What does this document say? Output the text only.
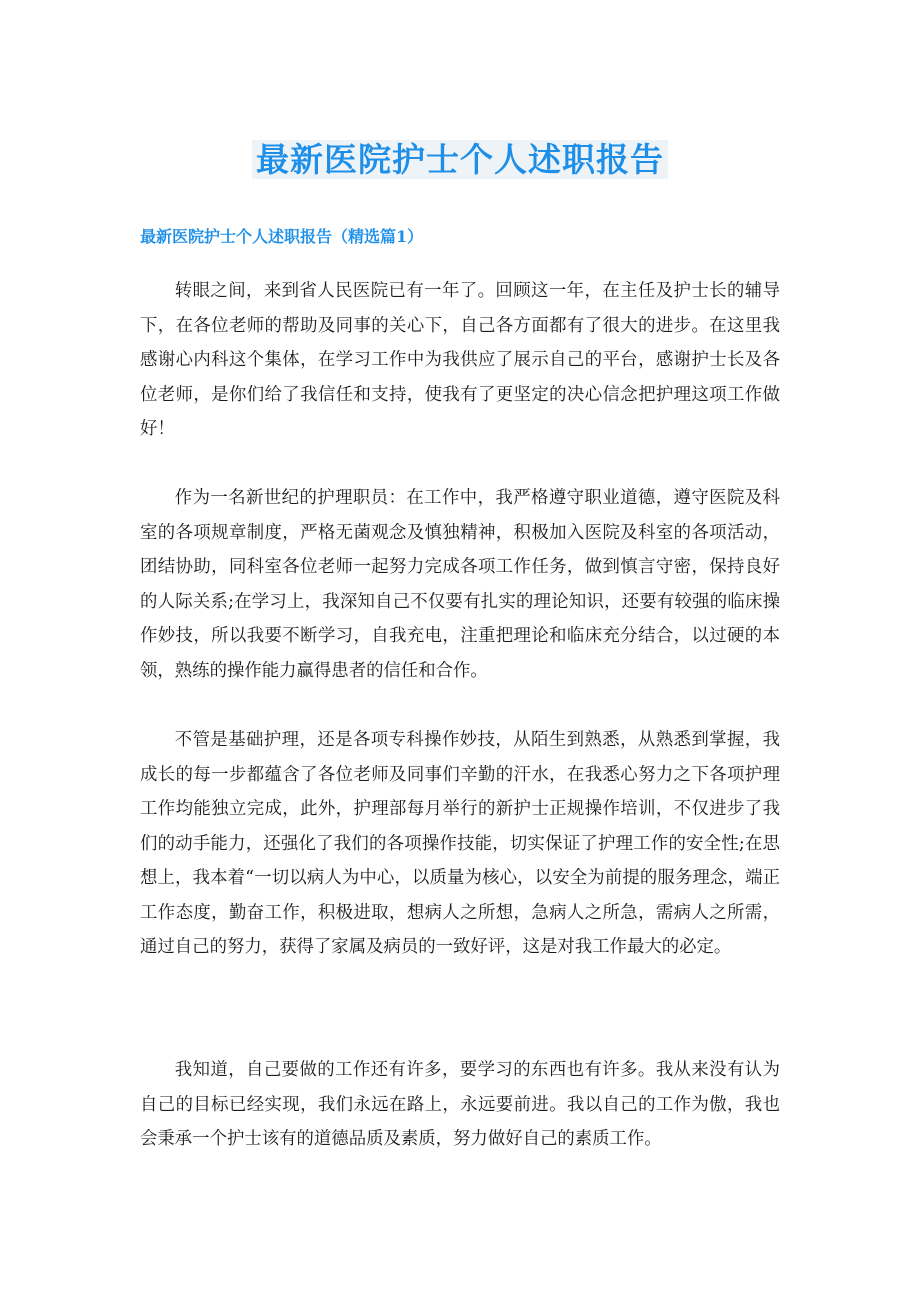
最新医院护士个人述职报告
最新医院护士个人述职报告（精选篇1）

转眼之间，来到省人民医院已有一年了。回顾这一年，在主任及护士长的辅导下，在各位老师的帮助及同事的关心下，自己各方面都有了很大的进步。在这里我感谢心内科这个集体，在学习工作中为我供应了展示自己的平台，感谢护士长及各位老师，是你们给了我信任和支持，使我有了更坚定的决心信念把护理这项工作做好！

作为一名新世纪的护理职员：在工作中，我严格遵守职业道德，遵守医院及科室的各项规章制度，严格无菌观念及慎独精神，积极加入医院及科室的各项活动，团结协助，同科室各位老师一起努力完成各项工作任务，做到慎言守密，保持良好的人际关系;在学习上，我深知自己不仅要有扎实的理论知识，还要有较强的临床操作妙技，所以我要不断学习，自我充电，注重把理论和临床充分结合，以过硬的本领，熟练的操作能力赢得患者的信任和合作。

不管是基础护理，还是各项专科操作妙技，从陌生到熟悉，从熟悉到掌握，我成长的每一步都蕴含了各位老师及同事们辛勤的汗水，在我悉心努力之下各项护理工作均能独立完成，此外，护理部每月举行的新护士正规操作培训，不仅进步了我们的动手能力，还强化了我们的各项操作技能，切实保证了护理工作的安全性;在思想上，我本着“一切以病人为中心，以质量为核心，以安全为前提的服务理念，端正工作态度，勤奋工作，积极进取，想病人之所想，急病人之所急，需病人之所需，通过自己的努力，获得了家属及病员的一致好评，这是对我工作最大的必定。

我知道，自己要做的工作还有许多，要学习的东西也有许多。我从来没有认为自己的目标已经实现，我们永远在路上，永远要前进。我以自己的工作为傲，我也会秉承一个护士该有的道德品质及素质，努力做好自己的素质工作。
